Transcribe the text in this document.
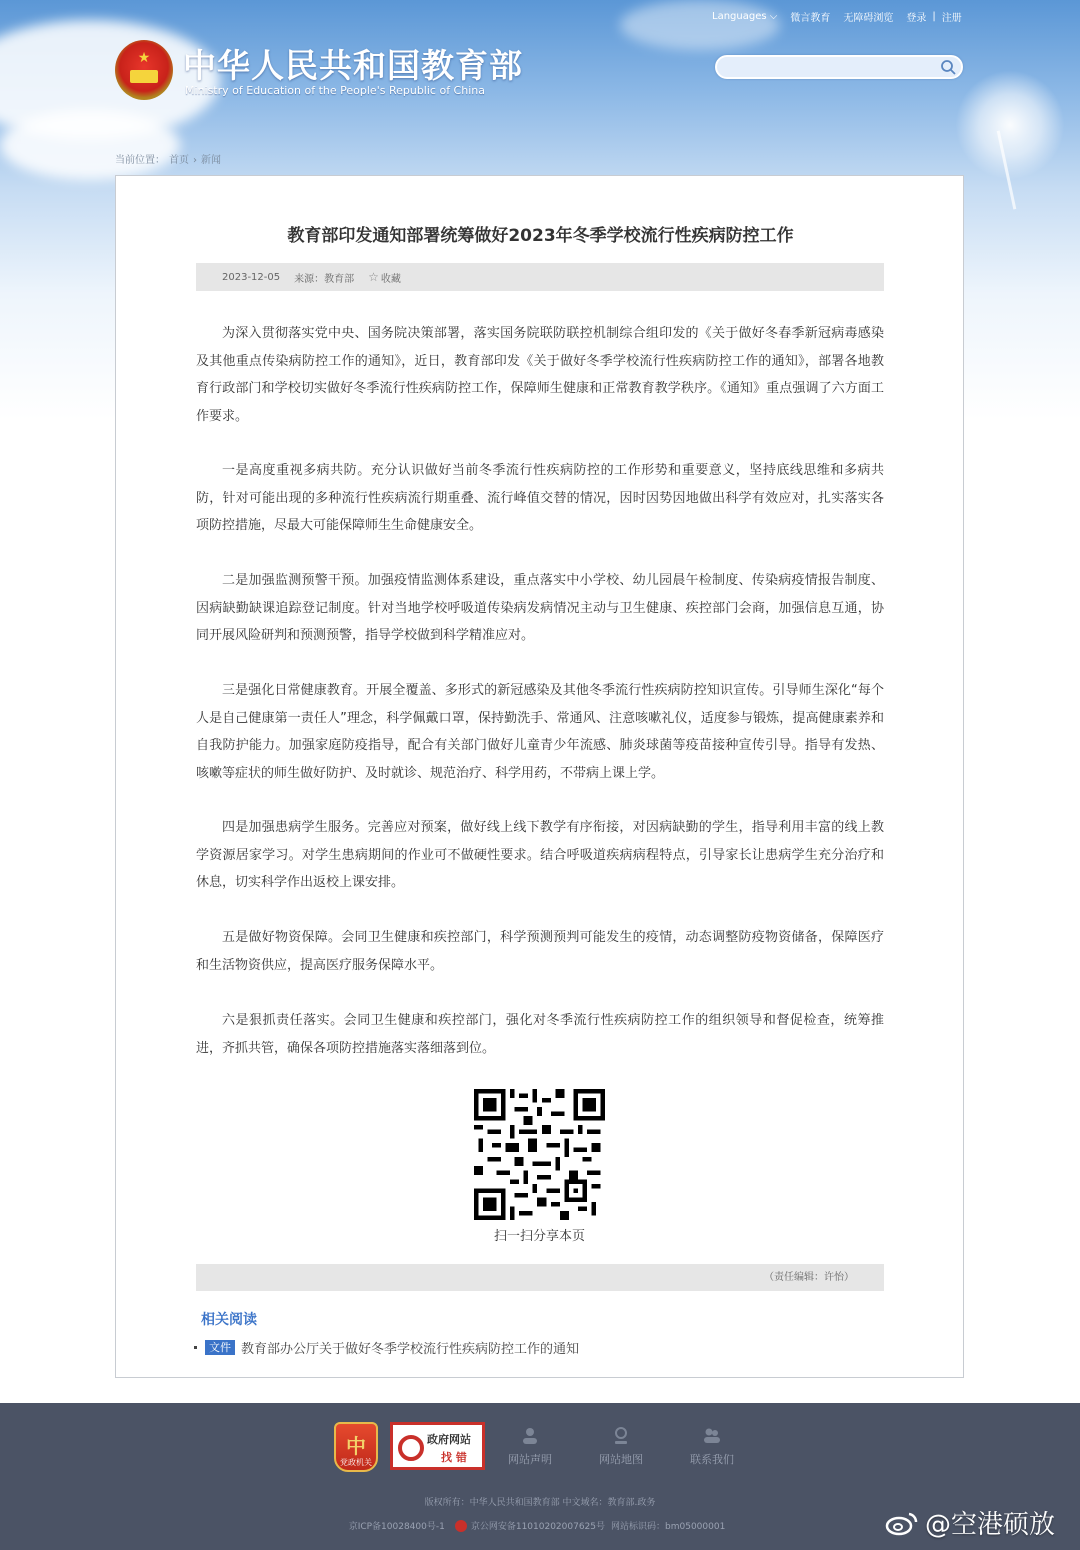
Languages ⌵ 微言教育 无障碍浏览 登录 | 注册
★ 中华人民共和国教育部
Ministry of Education of the People's Republic of China
当前位置： 首页 › 新闻
教育部印发通知部署统筹做好2023年冬季学校流行性疾病防控工作
2023-12-05 来源：教育部 ☆ 收藏

为深入贯彻落实党中央、国务院决策部署，落实国务院联防联控机制综合组印发的《关于做好冬春季新冠病毒感染及其他重点传染病防控工作的通知》，近日，教育部印发《关于做好冬季学校流行性疾病防控工作的通知》，部署各地教育行政部门和学校切实做好冬季流行性疾病防控工作，保障师生健康和正常教育教学秩序。《通知》重点强调了六方面工作要求。

一是高度重视多病共防。充分认识做好当前冬季流行性疾病防控的工作形势和重要意义，坚持底线思维和多病共防，针对可能出现的多种流行性疾病流行期重叠、流行峰值交替的情况，因时因势因地做出科学有效应对，扎实落实各项防控措施，尽最大可能保障师生生命健康安全。

二是加强监测预警干预。加强疫情监测体系建设，重点落实中小学校、幼儿园晨午检制度、传染病疫情报告制度、因病缺勤缺课追踪登记制度。针对当地学校呼吸道传染病发病情况主动与卫生健康、疾控部门会商，加强信息互通，协同开展风险研判和预测预警，指导学校做到科学精准应对。

三是强化日常健康教育。开展全覆盖、多形式的新冠感染及其他冬季流行性疾病防控知识宣传。引导师生深化“每个人是自己健康第一责任人”理念，科学佩戴口罩，保持勤洗手、常通风、注意咳嗽礼仪，适度参与锻炼，提高健康素养和自我防护能力。加强家庭防疫指导，配合有关部门做好儿童青少年流感、肺炎球菌等疫苗接种宣传引导。指导有发热、咳嗽等症状的师生做好防护、及时就诊、规范治疗、科学用药，不带病上课上学。

四是加强患病学生服务。完善应对预案，做好线上线下教学有序衔接，对因病缺勤的学生，指导利用丰富的线上教学资源居家学习。对学生患病期间的作业可不做硬性要求。结合呼吸道疾病病程特点，引导家长让患病学生充分治疗和休息，切实科学作出返校上课安排。

五是做好物资保障。会同卫生健康和疾控部门，科学预测预判可能发生的疫情，动态调整防疫物资储备，保障医疗和生活物资供应，提高医疗服务保障水平。

六是狠抓责任落实。会同卫生健康和疾控部门，强化对冬季流行性疾病防控工作的组织领导和督促检查，统筹推进，齐抓共管，确保各项防控措施落实落细落到位。

扫一扫分享本页
（责任编辑：许怡）
相关阅读
文件 教育部办公厅关于做好冬季学校流行性疾病防控工作的通知
中
党政机关
政府网站
找 错	网站声明	网站地图	联系我们
版权所有：中华人民共和国教育部 中文域名：教育部.政务
京ICP备10028400号-1	京公网安备11010202007625号 网站标识码：bm05000001	@空港硕放
